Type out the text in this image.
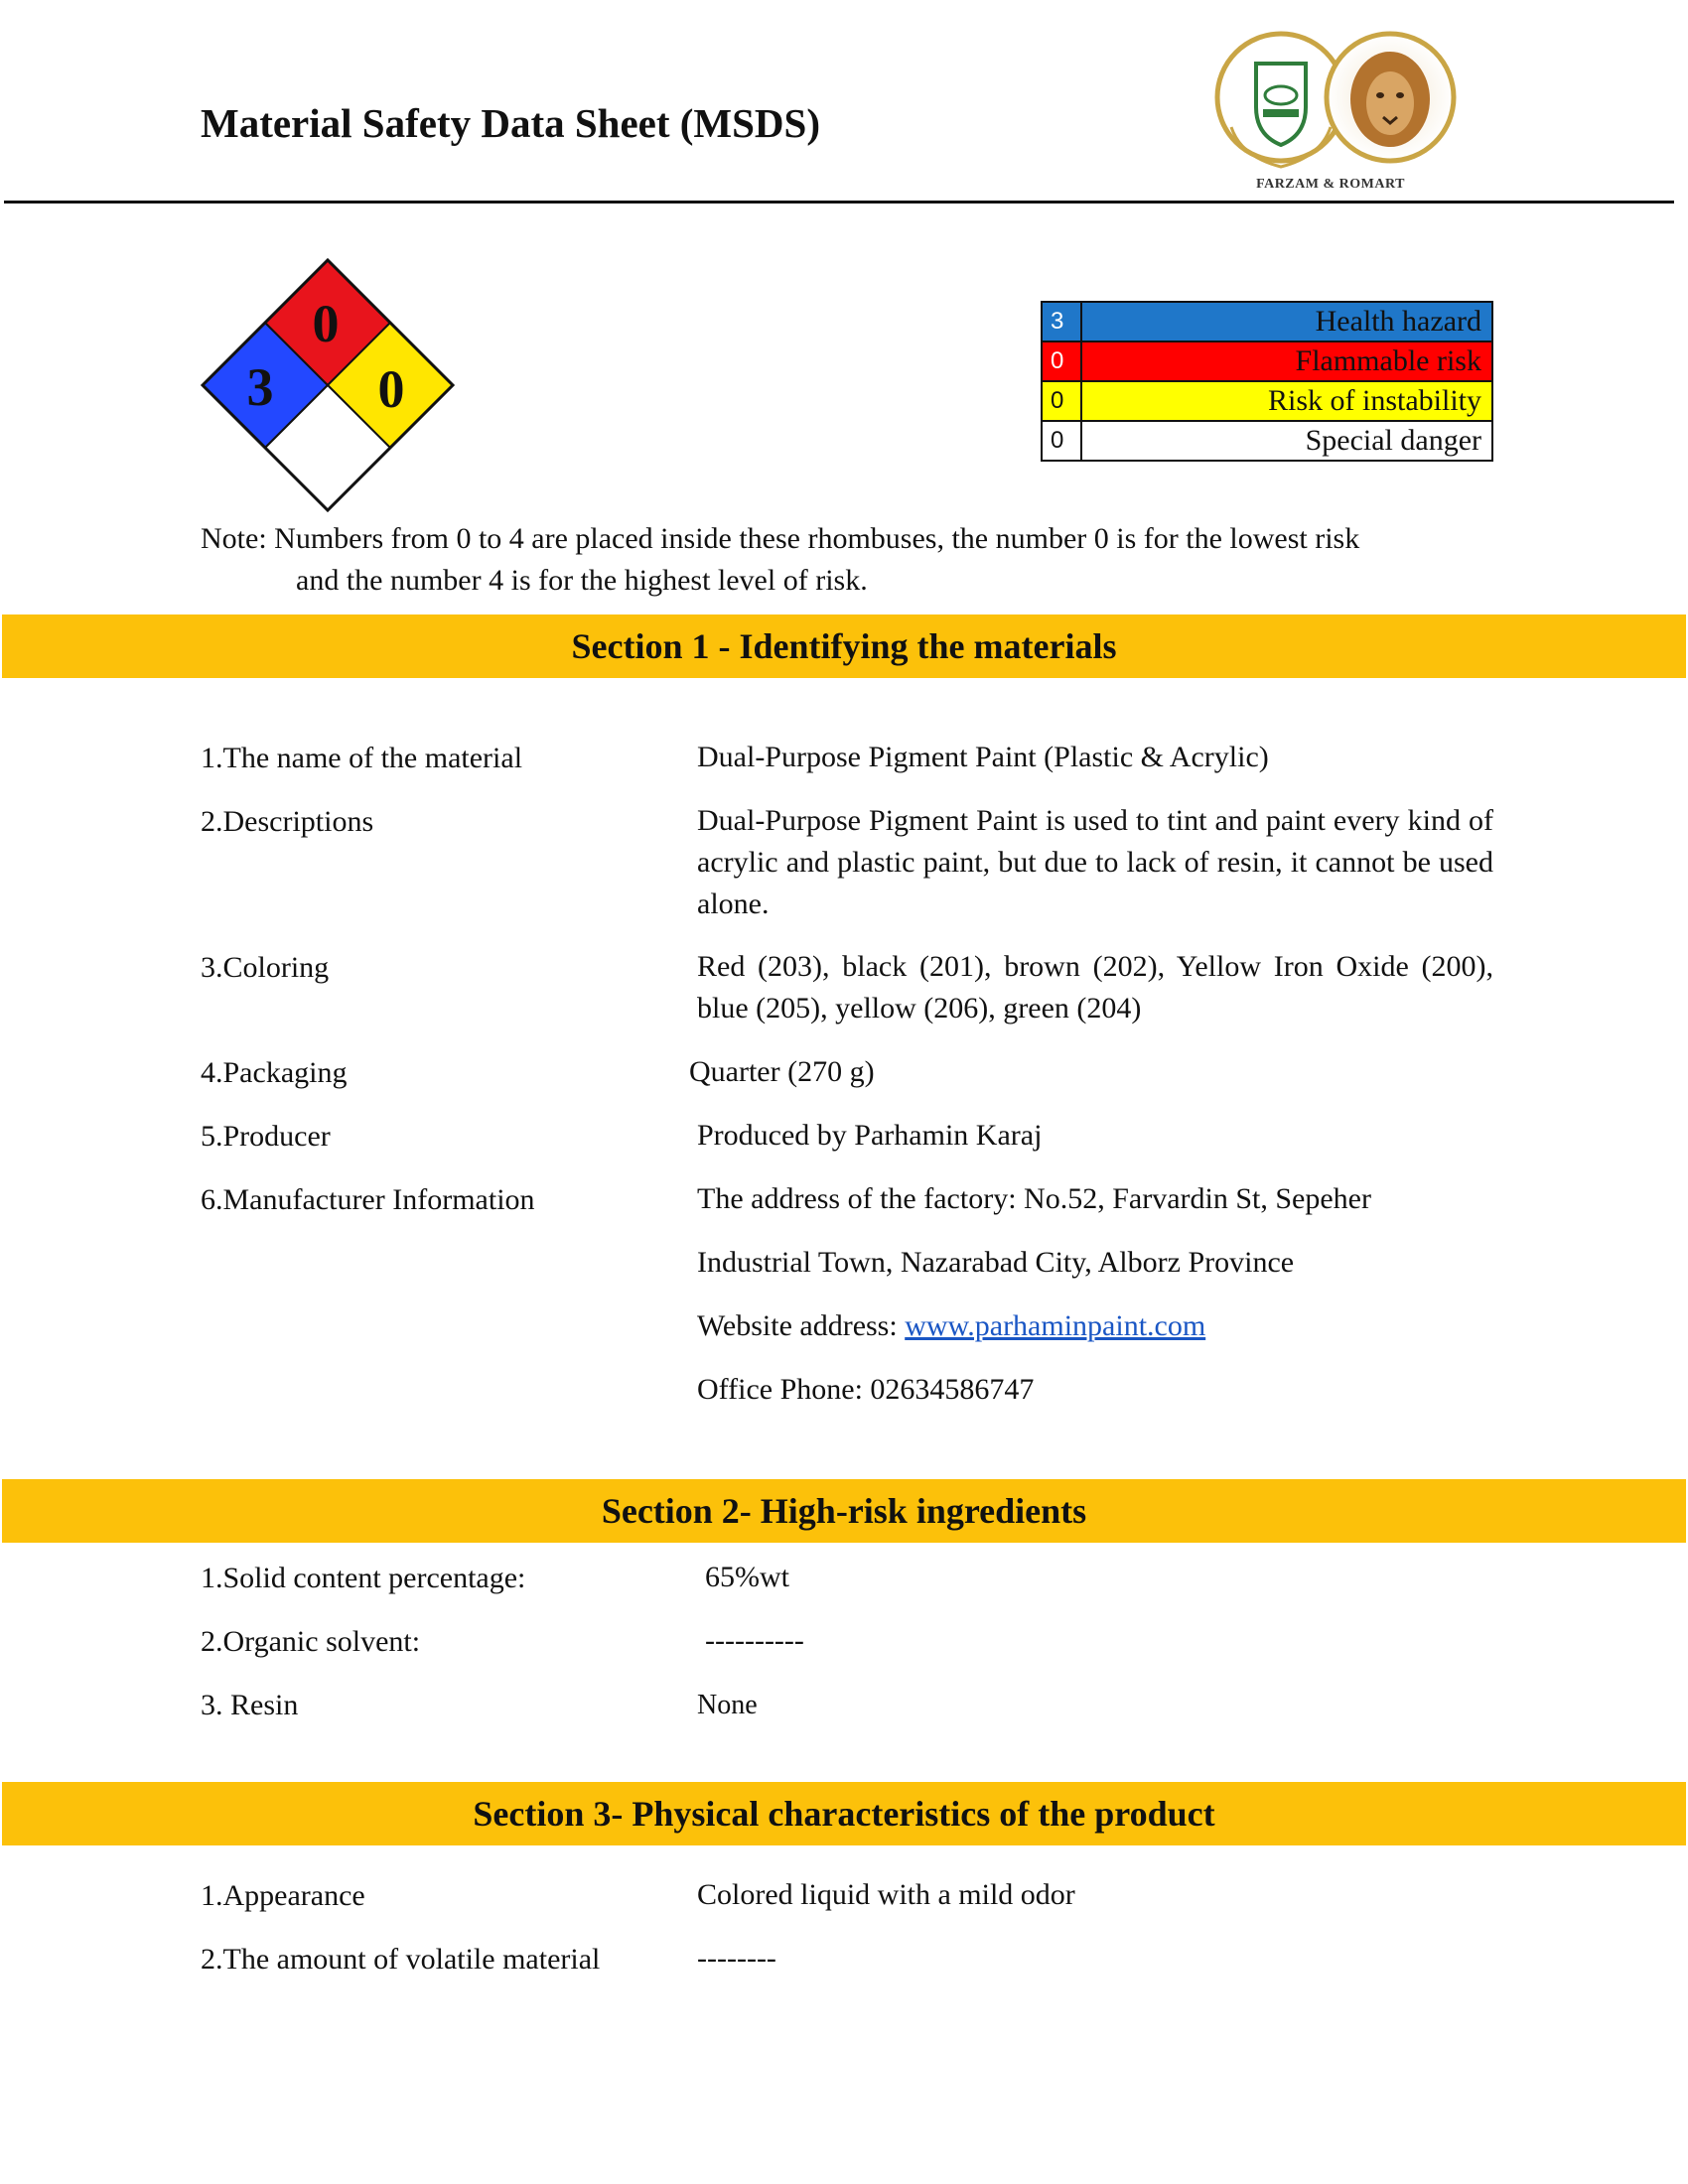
Material Safety Data Sheet (MSDS)
FARZAM & ROMART
3
0
0
3	Health hazard
0	Flammable risk
0	Risk of instability
0	Special danger
Note: Numbers from 0 to 4 are placed inside these rhombuses, the number 0 is for the lowest risk
and the number 4 is for the highest level of risk.
Section 1 - Identifying the materials
1.The name of the material	Dual-Purpose Pigment Paint (Plastic & Acrylic)
2.Descriptions	Dual-Purpose Pigment Paint is used to tint and paint every kind of acrylic and plastic paint, but due to lack of resin, it cannot be used alone.
3.Coloring	Red (203), black (201), brown (202), Yellow Iron Oxide (200), blue (205), yellow (206), green (204)
4.Packaging	Quarter (270 g)
5.Producer	Produced by Parhamin Karaj
6.Manufacturer Information	The address of the factory: No.52, Farvardin St, Sepeher
Industrial Town, Nazarabad City, Alborz Province
Website address: www.parhaminpaint.com
Office Phone: 02634586747
Section 2- High-risk ingredients
1.Solid content percentage:	65%wt
2.Organic solvent:	----------
3. Resin	None
Section 3- Physical characteristics of the product
1.Appearance	Colored liquid with a mild odor
2.The amount of volatile material	--------
